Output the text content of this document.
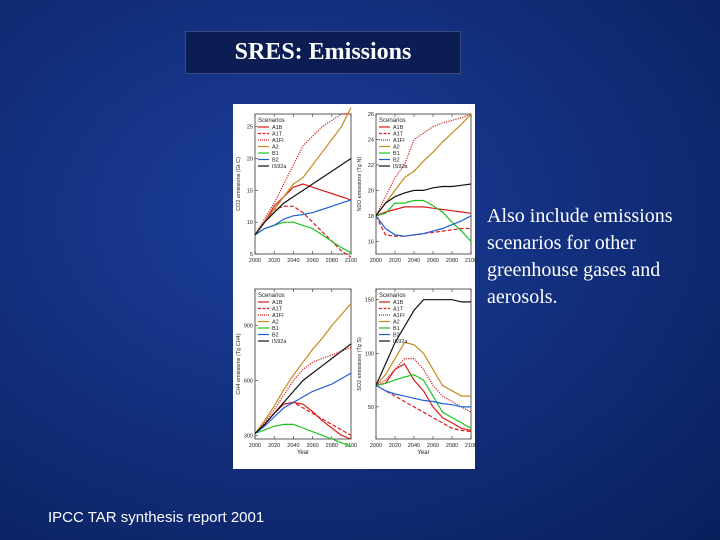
SRES: Emissions
2000 2020 2040 2060 2080 2100
5
10
15
20
25
CO2 emissions (Gt C)
Scenarios
A1B
A1T
A1FI
A2
B1
B2
IS92a
2000 2020 2040 2060 2080 2100
16
18
20
22
24
26
N2O emissions (Tg N)
Scenarios
A1B
A1T
A1FI
A2
B1
B2
IS92a
2000 2020 2040 2060 2080 2100
300
600
900
CH4 emissions (Tg CH4)
Year
Scenarios
A1B
A1T
A1FI
A2
B1
B2
IS92a
2000 2020 2040 2060 2080 2100
50
100
150
SO2 emissions (Tg S)
Year
Scenarios
A1B
A1T
A1FI
A2
B1
B2
IS92a
Also include emissions scenarios for other greenhouse gases and aerosols.
IPCC TAR synthesis report 2001
